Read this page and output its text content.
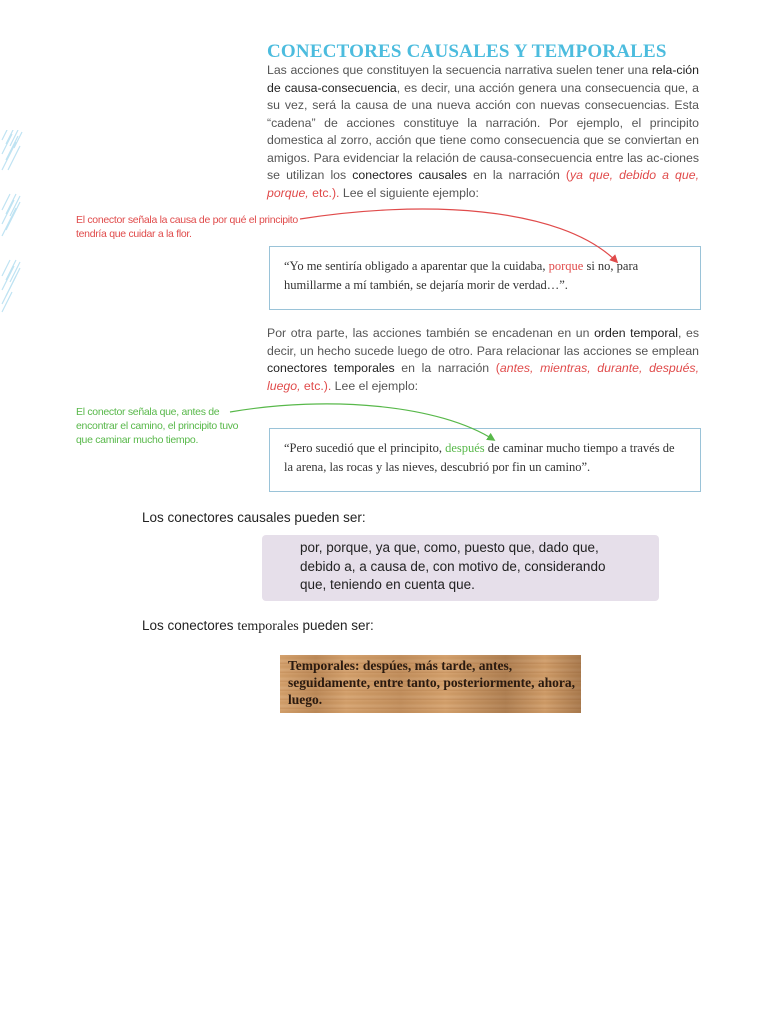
CONECTORES CAUSALES Y TEMPORALES

Las acciones que constituyen la secuencia narrativa suelen tener una rela-ción de causa-consecuencia, es decir, una acción genera una consecuencia que, a su vez, será la causa de una nueva acción con nuevas consecuencias. Esta “cadena” de acciones constituye la narración. Por ejemplo, el principito domestica al zorro, acción que tiene como consecuencia que se conviertan en amigos. Para evidenciar la relación de causa-consecuencia entre las ac-ciones se utilizan los conectores causales en la narración (ya que, debido a que, porque, etc.). Lee el siguiente ejemplo:

El conector señala la causa de por qué el principito tendría que cuidar a la flor.
“Yo me sentiría obligado a aparentar que la cuidaba, porque si no, para humillarme a mí también, se dejaría morir de verdad…”.

Por otra parte, las acciones también se encadenan en un orden temporal, es decir, un hecho sucede luego de otro. Para relacionar las acciones se emplean conectores temporales en la narración (antes, mientras, durante, después, luego, etc.). Lee el ejemplo:

El conector señala que, antes de encontrar el camino, el principito tuvo que caminar mucho tiempo.
“Pero sucedió que el principito, después de caminar mucho tiempo a través de la arena, las rocas y las nieves, descubrió por fin un camino”.
Los conectores causales pueden ser:
por, porque, ya que, como, puesto que, dado que, debido a, a causa de, con motivo de, considerando que, teniendo en cuenta que.
Los conectores temporales pueden ser:
Temporales: despúes, más tarde, antes, seguidamente, entre tanto, posteriormente, ahora, luego.
